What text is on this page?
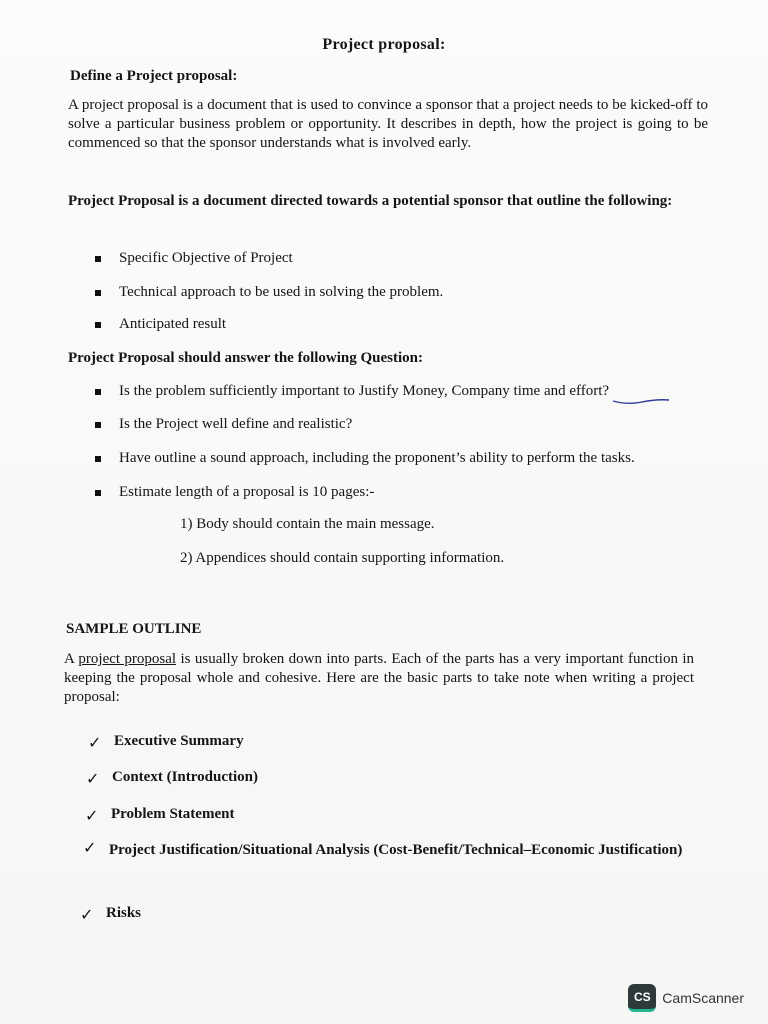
Project proposal:
Define a Project proposal:
A project proposal is a document that is used to convince a sponsor that a project needs to be kicked-off to solve a particular business problem or opportunity. It describes in depth, how the project is going to be commenced so that the sponsor understands what is involved early.
Project Proposal is a document directed towards a potential sponsor that outline the following:
Specific Objective of Project
Technical approach to be used in solving the problem.
Anticipated result
Project Proposal should answer the following Question:
Is the problem sufficiently important to Justify Money, Company time and effort?
Is the Project well define and realistic?
Have outline a sound approach, including the proponent’s ability to perform the tasks.
Estimate length of a proposal is 10 pages:-
1) Body should contain the main message.
2) Appendices should contain supporting information.
SAMPLE OUTLINE
A project proposal is usually broken down into parts. Each of the parts has a very important function in keeping the proposal whole and cohesive. Here are the basic parts to take note when writing a project proposal:
✓ Executive Summary
✓ Context (Introduction)
✓ Problem Statement
✓ Project Justification/Situational Analysis (Cost-Benefit/Technical–Economic Justification)
✓ Risks
CS CamScanner
